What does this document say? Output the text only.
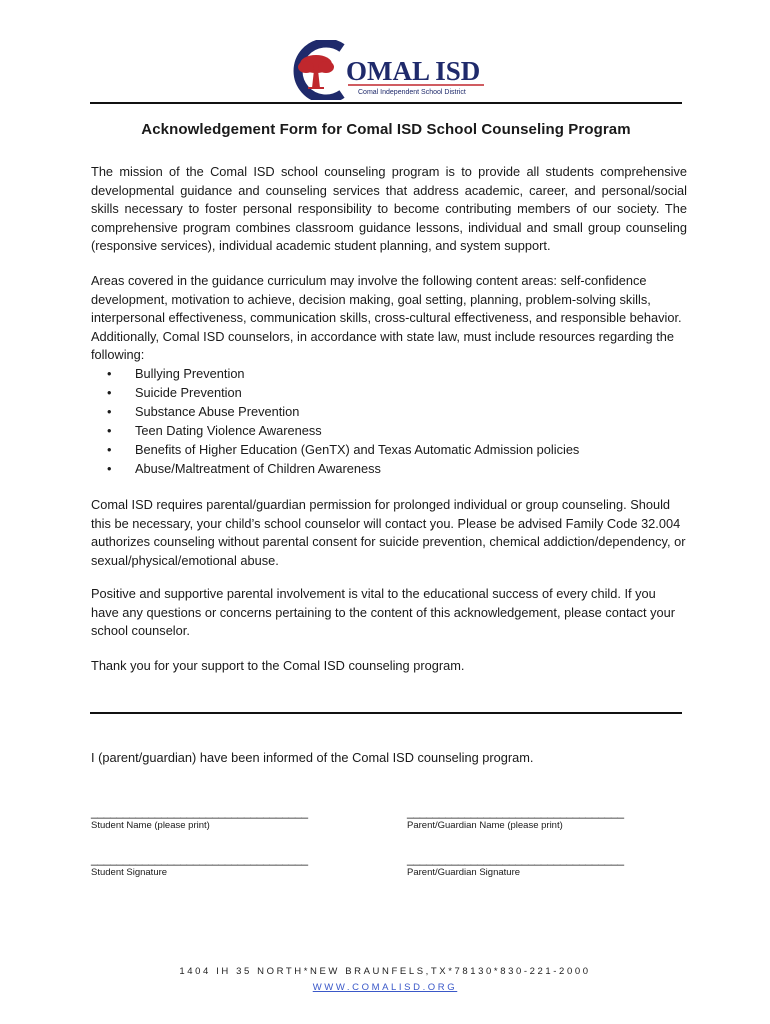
OMAL ISD
Comal Independent School District
Acknowledgement Form for Comal ISD School Counseling Program
The mission of the Comal ISD school counseling program is to provide all students comprehensive developmental guidance and counseling services that address academic, career, and personal/social skills necessary to foster personal responsibility to become contributing members of our society. The comprehensive program combines classroom guidance lessons, individual and small group counseling (responsive services), individual academic student planning, and system support.
Areas covered in the guidance curriculum may involve the following content areas: self-confidence development, motivation to achieve, decision making, goal setting, planning, problem-solving skills, interpersonal effectiveness, communication skills, cross-cultural effectiveness, and responsible behavior. Additionally, Comal ISD counselors, in accordance with state law, must include resources regarding the following:
•	Bullying Prevention
•	Suicide Prevention
•	Substance Abuse Prevention
•	Teen Dating Violence Awareness
•	Benefits of Higher Education (GenTX) and Texas Automatic Admission policies
•	Abuse/Maltreatment of Children Awareness
Comal ISD requires parental/guardian permission for prolonged individual or group counseling. Should this be necessary, your child’s school counselor will contact you. Please be advised Family Code 32.004 authorizes counseling without parental consent for suicide prevention, chemical addiction/dependency, or sexual/physical/emotional abuse.
Positive and supportive parental involvement is vital to the educational success of every child. If you have any questions or concerns pertaining to the content of this acknowledgement, please contact your school counselor.
Thank you for your support to the Comal ISD counseling program.
I (parent/guardian) have been informed of the Comal ISD counseling program.
__________________________________
Student Name (please print)
__________________________________
Parent/Guardian Name (please print)
__________________________________
Student Signature
__________________________________
Parent/Guardian Signature
1404 IH 35 NORTH*NEW BRAUNFELS,TX*78130*830-221-2000
WWW.COMALISD.ORG
